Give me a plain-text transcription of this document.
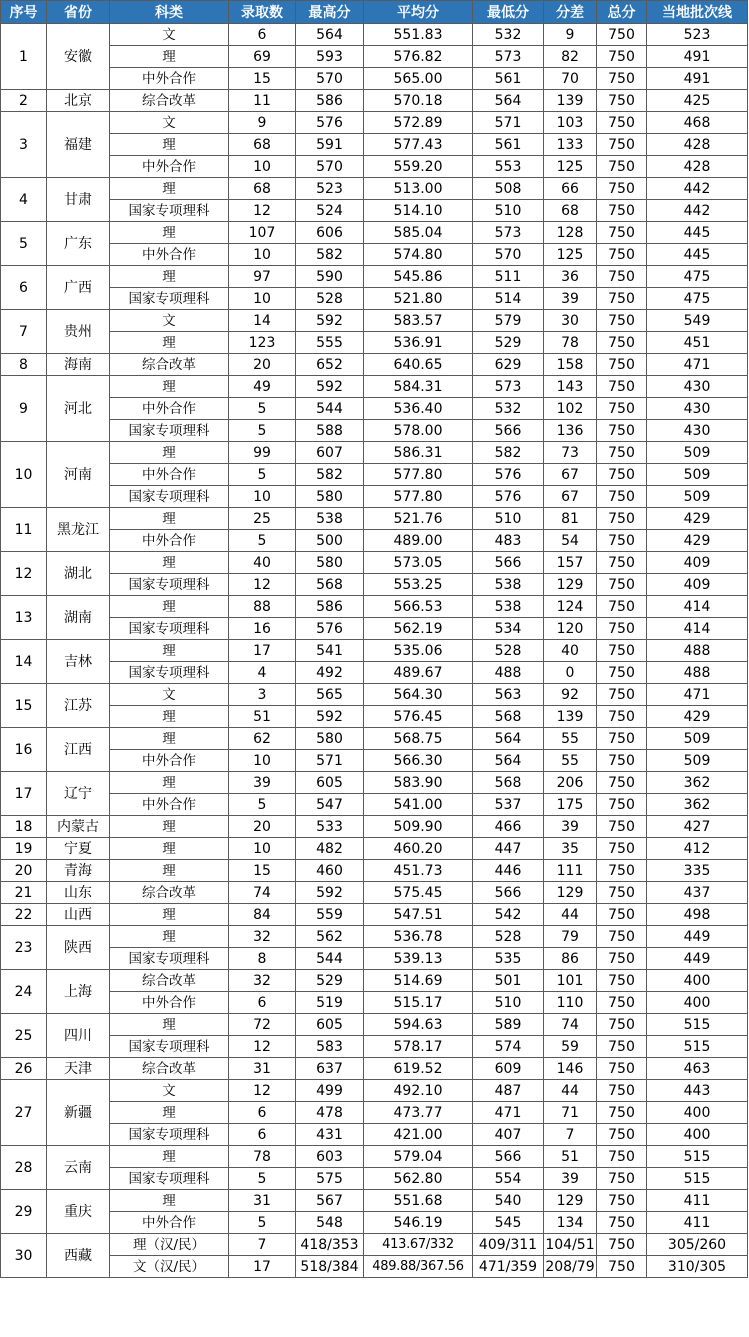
序号	省份	科类	录取数	最高分	平均分	最低分	分差	总分	当地批次线
1	安徽	文	6	564	551.83	532	9	750	523
		理	69	593	576.82	573	82	750	491
		中外合作	15	570	565.00	561	70	750	491
2	北京	综合改革	11	586	570.18	564	139	750	425
3	福建	文	9	576	572.89	571	103	750	468
		理	68	591	577.43	561	133	750	428
		中外合作	10	570	559.20	553	125	750	428
4	甘肃	理	68	523	513.00	508	66	750	442
		国家专项理科	12	524	514.10	510	68	750	442
5	广东	理	107	606	585.04	573	128	750	445
		中外合作	10	582	574.80	570	125	750	445
6	广西	理	97	590	545.86	511	36	750	475
		国家专项理科	10	528	521.80	514	39	750	475
7	贵州	文	14	592	583.57	579	30	750	549
		理	123	555	536.91	529	78	750	451
8	海南	综合改革	20	652	640.65	629	158	750	471
9	河北	理	49	592	584.31	573	143	750	430
		中外合作	5	544	536.40	532	102	750	430
		国家专项理科	5	588	578.00	566	136	750	430
10	河南	理	99	607	586.31	582	73	750	509
		中外合作	5	582	577.80	576	67	750	509
		国家专项理科	10	580	577.80	576	67	750	509
11	黑龙江	理	25	538	521.76	510	81	750	429
		中外合作	5	500	489.00	483	54	750	429
12	湖北	理	40	580	573.05	566	157	750	409
		国家专项理科	12	568	553.25	538	129	750	409
13	湖南	理	88	586	566.53	538	124	750	414
		国家专项理科	16	576	562.19	534	120	750	414
14	吉林	理	17	541	535.06	528	40	750	488
		国家专项理科	4	492	489.67	488	0	750	488
15	江苏	文	3	565	564.30	563	92	750	471
		理	51	592	576.45	568	139	750	429
16	江西	理	62	580	568.75	564	55	750	509
		中外合作	10	571	566.30	564	55	750	509
17	辽宁	理	39	605	583.90	568	206	750	362
		中外合作	5	547	541.00	537	175	750	362
18	内蒙古	理	20	533	509.90	466	39	750	427
19	宁夏	理	10	482	460.20	447	35	750	412
20	青海	理	15	460	451.73	446	111	750	335
21	山东	综合改革	74	592	575.45	566	129	750	437
22	山西	理	84	559	547.51	542	44	750	498
23	陕西	理	32	562	536.78	528	79	750	449
		国家专项理科	8	544	539.13	535	86	750	449
24	上海	综合改革	32	529	514.69	501	101	750	400
		中外合作	6	519	515.17	510	110	750	400
25	四川	理	72	605	594.63	589	74	750	515
		国家专项理科	12	583	578.17	574	59	750	515
26	天津	综合改革	31	637	619.52	609	146	750	463
27	新疆	文	12	499	492.10	487	44	750	443
		理	6	478	473.77	471	71	750	400
		国家专项理科	6	431	421.00	407	7	750	400
28	云南	理	78	603	579.04	566	51	750	515
		国家专项理科	5	575	562.80	554	39	750	515
29	重庆	理	31	567	551.68	540	129	750	411
		中外合作	5	548	546.19	545	134	750	411
30	西藏	理（汉/民）	7	418/353	413.67/332	409/311	104/51	750	305/260
		文（汉/民）	17	518/384	489.88/367.56	471/359	208/79	750	310/305
